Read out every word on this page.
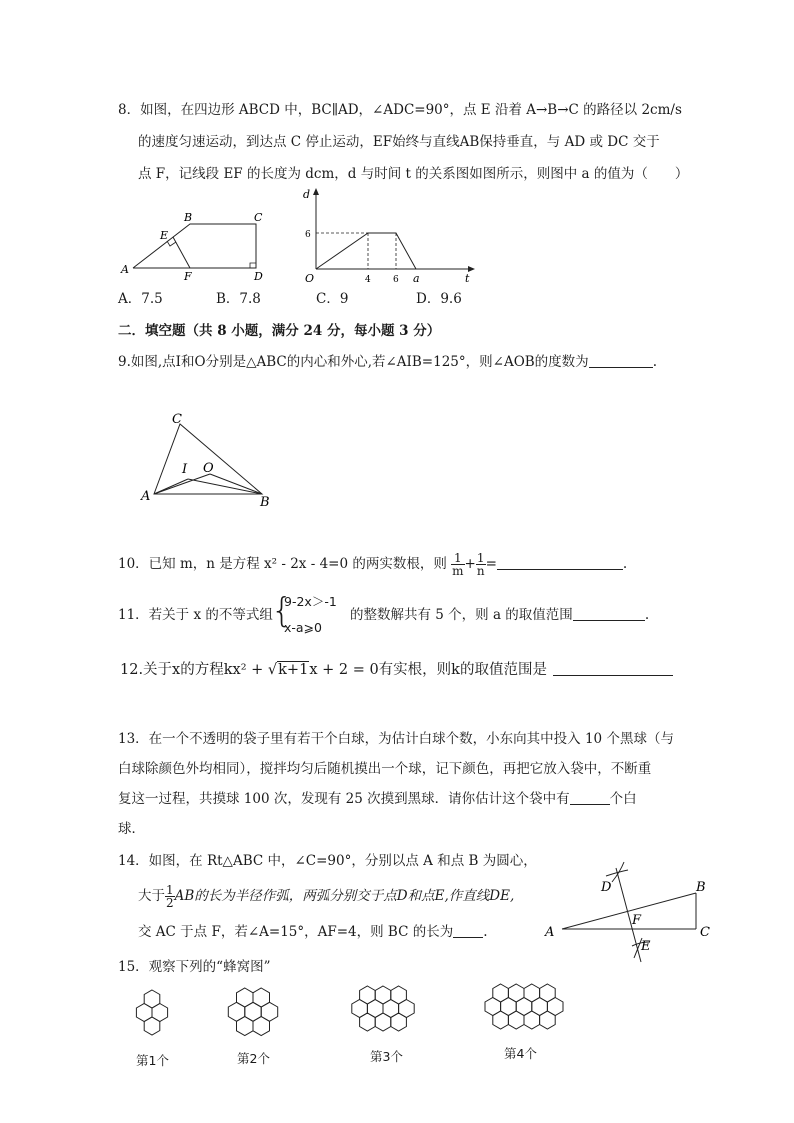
8．如图，在四边形 ABCD 中，BC∥AD，∠ADC=90°，点 E 沿着 A→B→C 的路径以 2cm/s
的速度匀速运动，到达点 C 停止运动，EF始终与直线AB保持垂直，与 AD 或 DC 交于
点 F，记线段 EF 的长度为 dcm，d 与时间 t 的关系图如图所示，则图中 a 的值为（　　）
B	C
E
A
F	D
d
6
O	4 6 a	t
A．7.5	B．7.8	C．9	D．9.6
二．填空题（共 8 小题，满分 24 分，每小题 3 分）
9.如图,点I和O分别是△ABC的内心和外心,若∠AIB=125°，则∠AOB的度数为	.
C
I O
A	B
10．已知 m，n 是方程 x² - 2x - 4=0 的两实数根，则 $\frac{1}{m} + \frac{1}{n}$ =	.
11．若关于 x 的不等式组
{
9-2x＞-1
x-a⩾0
的整数解共有 5 个，则 a 的取值范围	.
12.关于x的方程kx² + √k+1x + 2 = 0有实根，则k的取值范围是
13．在一个不透明的袋子里有若干个白球，为估计白球个数，小东向其中投入 10 个黑球（与
白球除颜色外均相同），搅拌均匀后随机摸出一个球，记下颜色，再把它放入袋中，不断重
复这一过程，共摸球 100 次，发现有 25 次摸到黑球．请你估计这个袋中有	个白
球．
14．如图，在 Rt△ABC 中，∠C=90°，分别以点 A 和点 B 为圆心，
大于 $\frac{1}{2}$ AB的长为半径作弧，两弧分别交于点D和点E,作直线DE,
交 AC 于点 F，若∠A=15°，AF=4，则 BC 的长为 .
D	B
F
A	C
E
15．观察下列的“蜂窝图”
第1个	第2个	第3个	第4个
